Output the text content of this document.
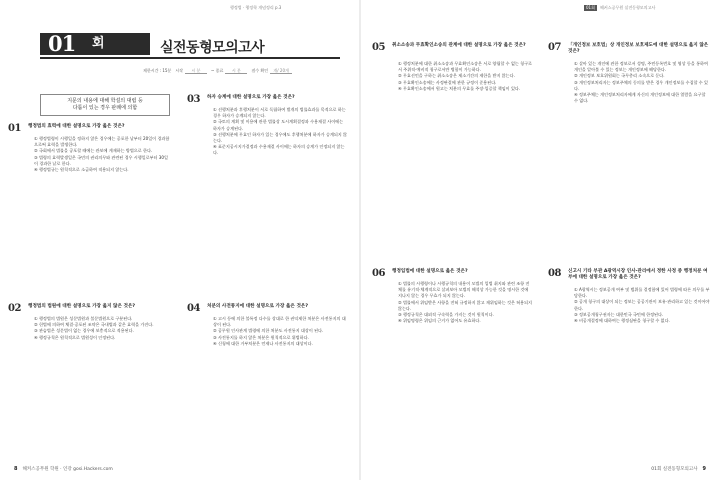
행정법 · 행정학 개념정리 p.3	01회	해커스공무원 실전동형모의고사
01 회	실전동형모의고사
제한시간 : 15분 시작	시 분	~ 종료	시 분	점수 확인	개/ 20개
지문의 내용에 대해 학설의 대립 등
다툼이 있는 경우 판례에 의함
01 행정법의 효력에 대한 설명으로 가장 옳은 것은?
① 행정법령이 시행일을 정하지 않은 경우에는 공포한 날부터 20일이 경과함으로써 효력을 발생한다.
② 국회에서 법률을 공포할 때에는 관보에 게재하는 방법으로 한다.
③ 법령의 효력발생일은 국민의 권리의무와 관련된 경우 시행일로부터 30일이 경과한 날로 한다.
④ 행정법규는 원칙적으로 소급하여 적용되지 않는다.
02 행정법의 법원에 대한 설명으로 가장 옳지 않은 것은?
① 행정법의 법원은 성문법원과 불문법원으로 구분된다.
② 헌법에 의하여 체결·공포된 조약은 국내법과 같은 효력을 가진다.
③ 관습법은 성문법이 없는 경우에 보충적으로 적용된다.
④ 행정규칙은 원칙적으로 법원성이 인정된다.
03 하자 승계에 대한 설명으로 가장 옳은 것은?
① 선행처분과 후행처분이 서로 독립하여 별개의 법률효과를 목적으로 하는 경우 하자가 승계되지 않는다.
② 국토의 계획 및 이용에 관한 법률상 도시계획결정과 수용재결 사이에는 하자가 승계된다.
③ 선행처분에 무효인 하자가 있는 경우에도 후행처분에 하자가 승계되지 않는다.
④ 표준지공시지가결정과 수용재결 사이에는 하자의 승계가 인정되지 않는다.
04 처분의 사전통지에 대한 설명으로 가장 옳은 것은?
① 고시 등에 의한 불특정 다수를 상대로 한 권익제한 처분은 사전통지의 대상이 된다.
② 공무원 인사관계 법령에 의한 처분도 사전통지 대상이 된다.
③ 사전통지를 하지 않은 처분은 원칙적으로 위법하다.
④ 신청에 대한 거부처분은 언제나 사전통지의 대상이다.
05 취소소송과 무효확인소송의 관계에 대한 설명으로 가장 옳은 것은?
① 행정처분에 대한 취소소송과 무효확인소송은 서로 양립할 수 없는 청구로서 주위적·예비적 청구로서만 병합이 가능하다.
② 무효선언을 구하는 취소소송은 제소기간의 제한을 받지 않는다.
③ 무효확인소송에는 사정판결에 관한 규정이 준용된다.
④ 무효확인소송에서 원고는 처분의 무효를 주장·입증할 책임이 있다.
06 행정입법에 대한 설명으로 옳은 것은?
① 법률의 시행령이나 시행규칙의 내용이 모법의 입법 취지와 관련 조항 전체를 유기적·체계적으로 살펴보아 모법의 해석상 가능한 것을 명시한 것에 지나지 않는 경우 무효가 되지 않는다.
② 법률에서 위임받은 사항을 전혀 규정하지 않고 재위임하는 것은 허용되지 않는다.
③ 행정규칙은 대외적 구속력을 가지는 것이 원칙이다.
④ 위임명령은 위임의 근거가 없어도 유효하다.
07 「개인정보 보호법」상 개인정보 보호제도에 대한 설명으로 옳지 않은 것은?
① 살아 있는 개인에 관한 정보로서 성명, 주민등록번호 및 영상 등을 통하여 개인을 알아볼 수 있는 정보는 개인정보에 해당한다.
② 개인정보 보호위원회는 국무총리 소속으로 둔다.
③ 개인정보처리자는 정보주체의 동의를 받은 경우 개인정보를 수집할 수 있다.
④ 정보주체는 개인정보처리자에게 자신의 개인정보에 대한 열람을 요구할 수 없다.
08 신고시 기타 부관 A광역시장 인사·관리에서 정한 사정 중 행정처분 여부에 대한 설명으로 가장 옳은 것은?
① A광역시는 정보공개 여부 및 범위를 결정함에 있어 법령에 따른 의무를 부담한다.
② 공개 청구의 대상이 되는 정보는 공공기관이 보유·관리하고 있는 것이어야 한다.
③ 정보공개청구권자는 대한민국 국민에 한정된다.
④ 비공개결정에 대하여는 행정심판을 청구할 수 없다.
8 해커스공무원 학원 · 인강 gosi.Hackers.com	01회 실전동형모의고사 9
